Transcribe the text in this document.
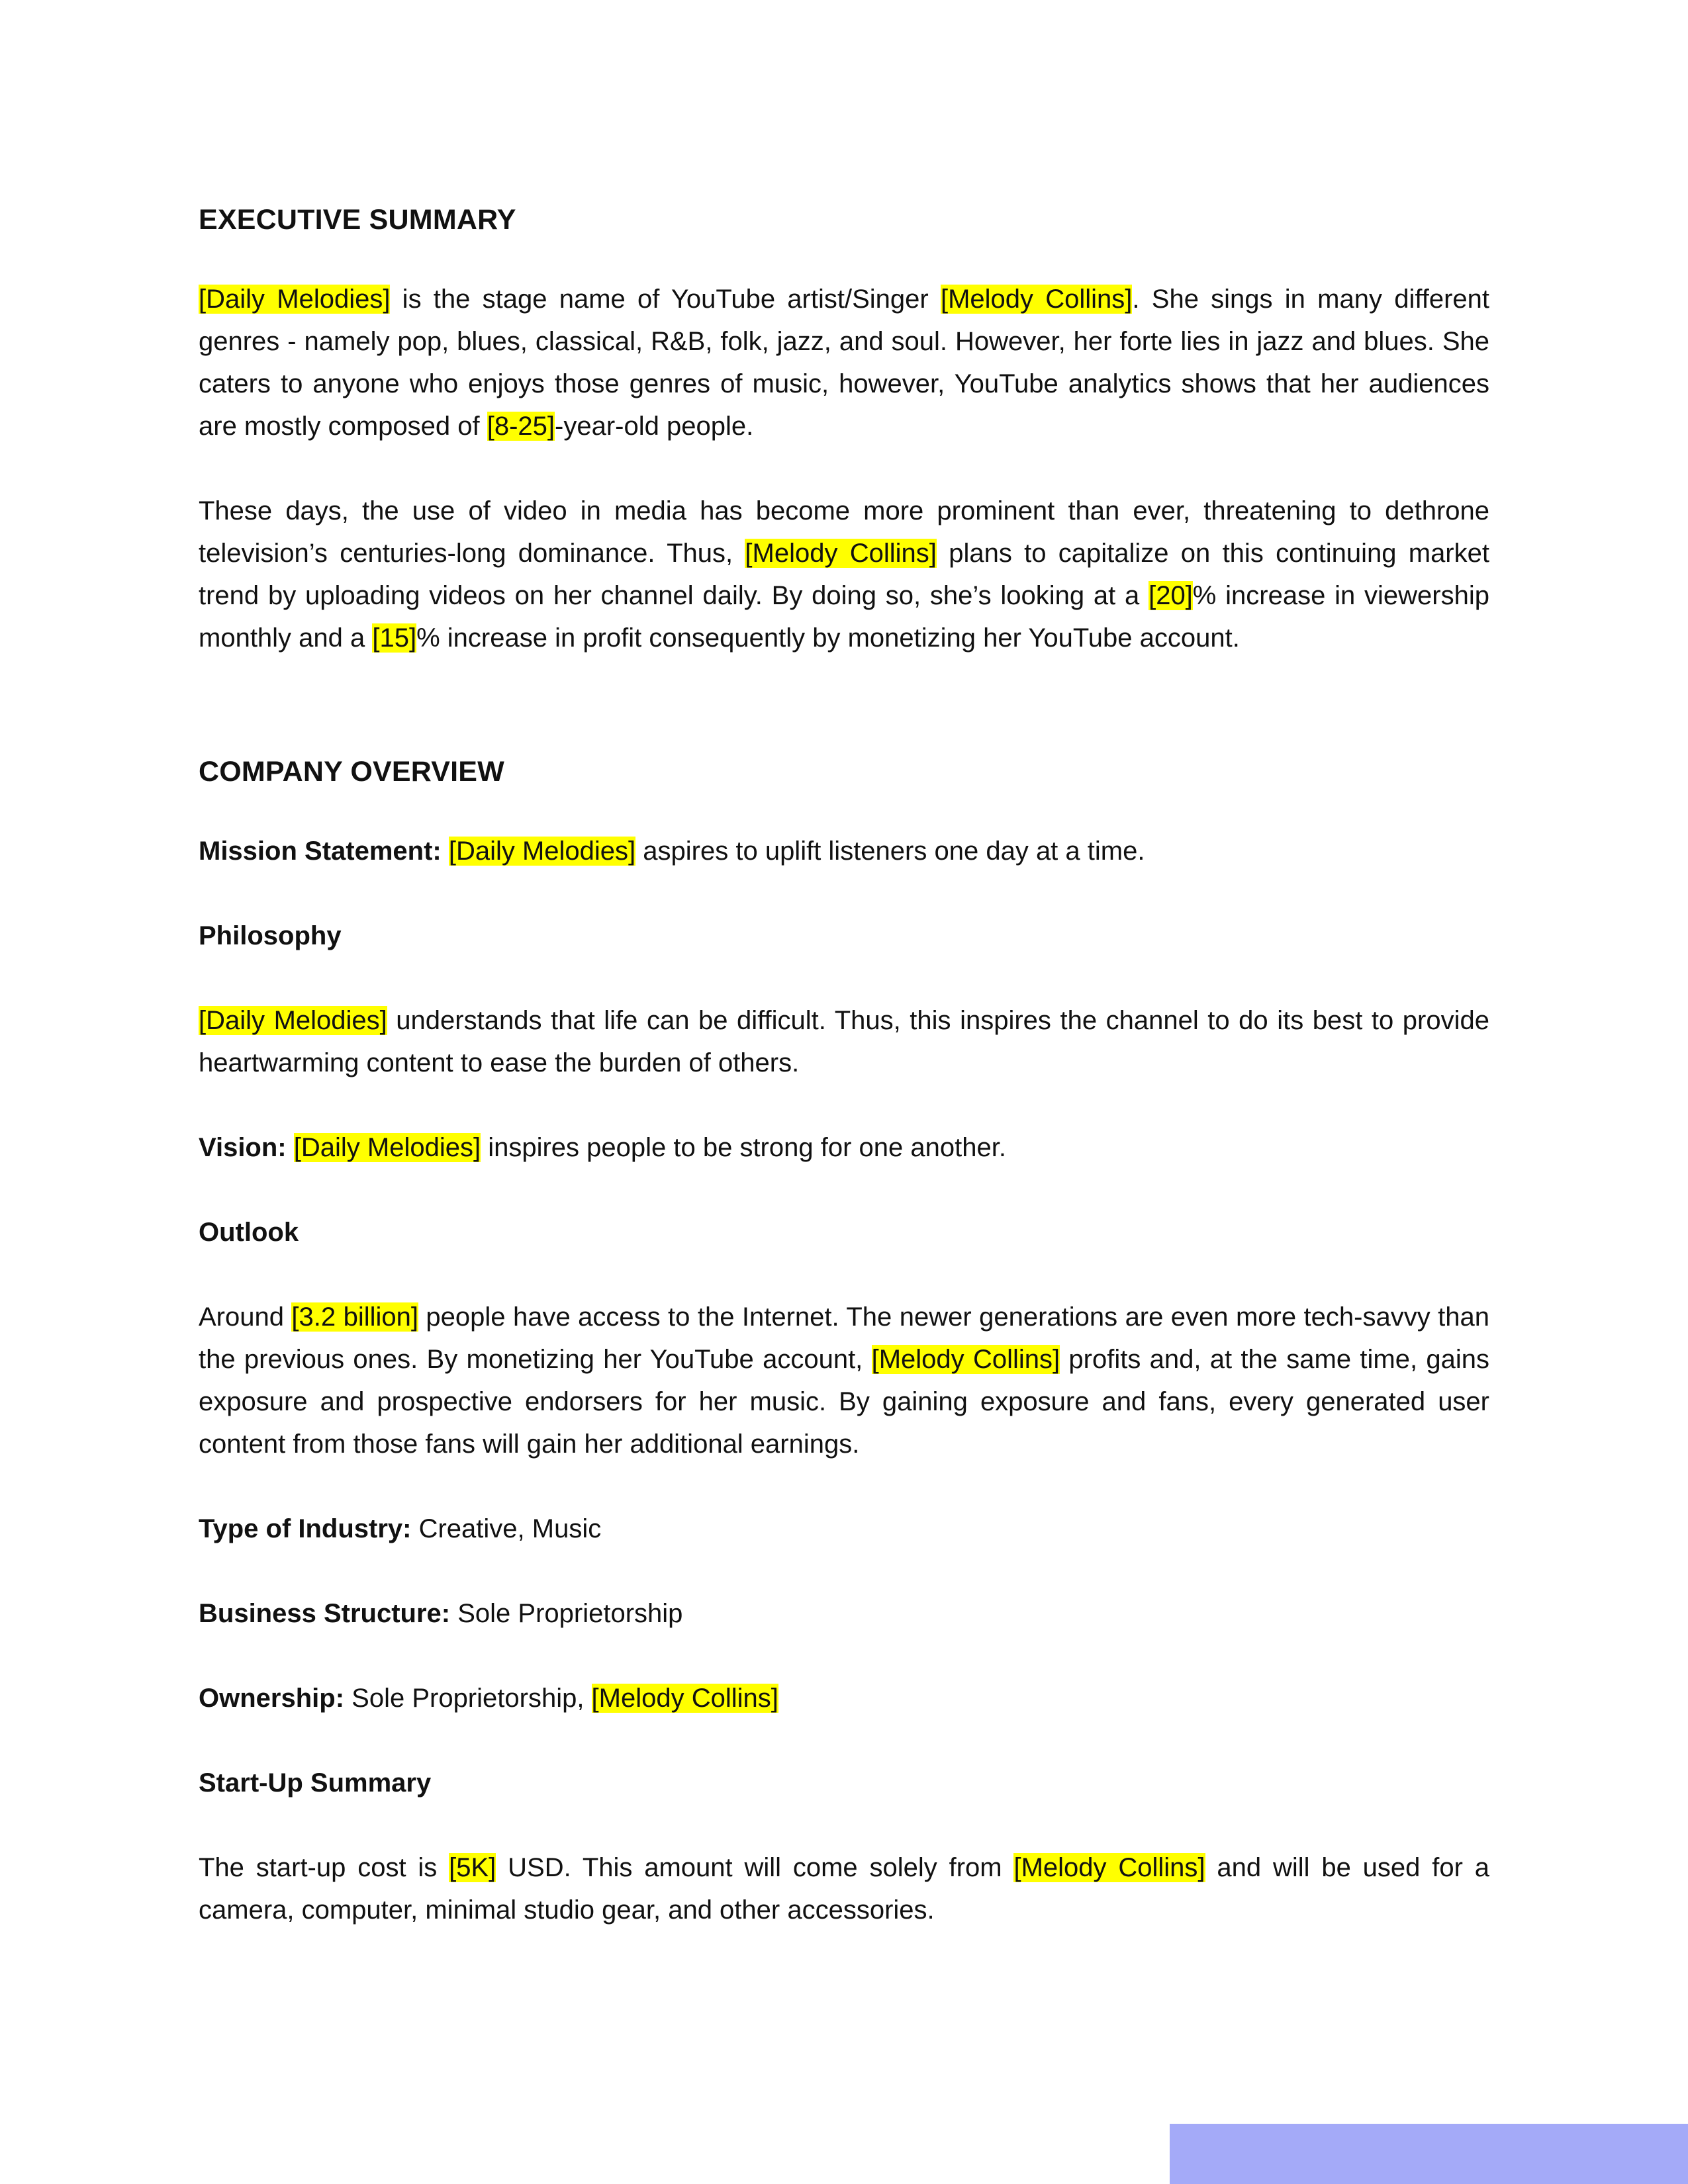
EXECUTIVE SUMMARY

[Daily Melodies] is the stage name of YouTube artist/Singer [Melody Collins]. She sings in many different genres - namely pop, blues, classical, R&B, folk, jazz, and soul. However, her forte lies in jazz and blues. She caters to anyone who enjoys those genres of music, however, YouTube analytics shows that her audiences are mostly composed of [8-25]-year-old people.

These days, the use of video in media has become more prominent than ever, threatening to dethrone television’s centuries-long dominance. Thus, [Melody Collins] plans to capitalize on this continuing market trend by uploading videos on her channel daily. By doing so, she’s looking at a [20]% increase in viewership monthly and a [15]% increase in profit consequently by monetizing her YouTube account.

COMPANY OVERVIEW

Mission Statement: [Daily Melodies] aspires to uplift listeners one day at a time.

Philosophy

[Daily Melodies] understands that life can be difficult. Thus, this inspires the channel to do its best to provide heartwarming content to ease the burden of others.

Vision: [Daily Melodies] inspires people to be strong for one another.

Outlook

Around [3.2 billion] people have access to the Internet. The newer generations are even more tech-savvy than the previous ones. By monetizing her YouTube account, [Melody Collins] profits and, at the same time, gains exposure and prospective endorsers for her music. By gaining exposure and fans, every generated user content from those fans will gain her additional earnings.

Type of Industry: Creative, Music

Business Structure: Sole Proprietorship

Ownership: Sole Proprietorship, [Melody Collins]

Start-Up Summary

The start-up cost is [5K] USD. This amount will come solely from [Melody Collins] and will be used for a camera, computer, minimal studio gear, and other accessories.
